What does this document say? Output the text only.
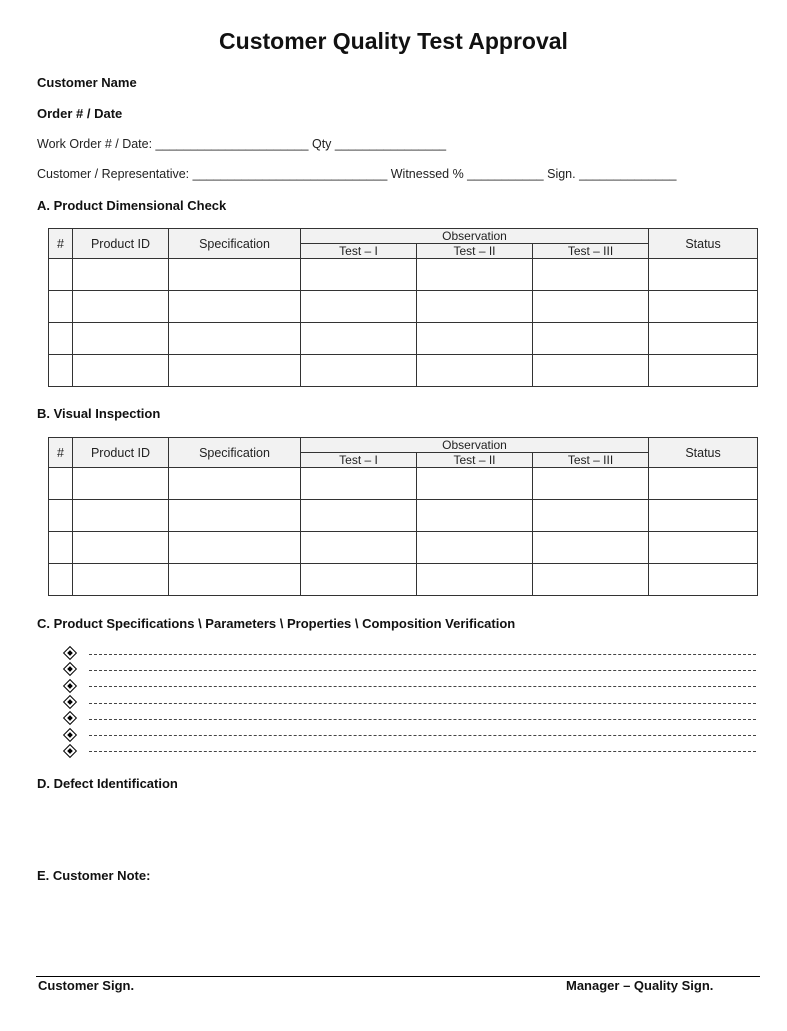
Customer Quality Test Approval
Customer Name
Order # / Date
Work Order # / Date: ______________________ Qty ________________
Customer / Representative: ____________________________ Witnessed % ___________ Sign. ______________
A. Product Dimensional Check
#	Product ID	Specification	Observation			Status
			Test – I	Test – II	Test – III	

B. Visual Inspection
#	Product ID	Specification	Observation			Status
			Test – I	Test – II	Test – III	

C. Product Specifications \ Parameters \ Properties \ Composition Verification
D. Defect Identification
E. Customer Note:
Customer Sign.	Manager – Quality Sign.
